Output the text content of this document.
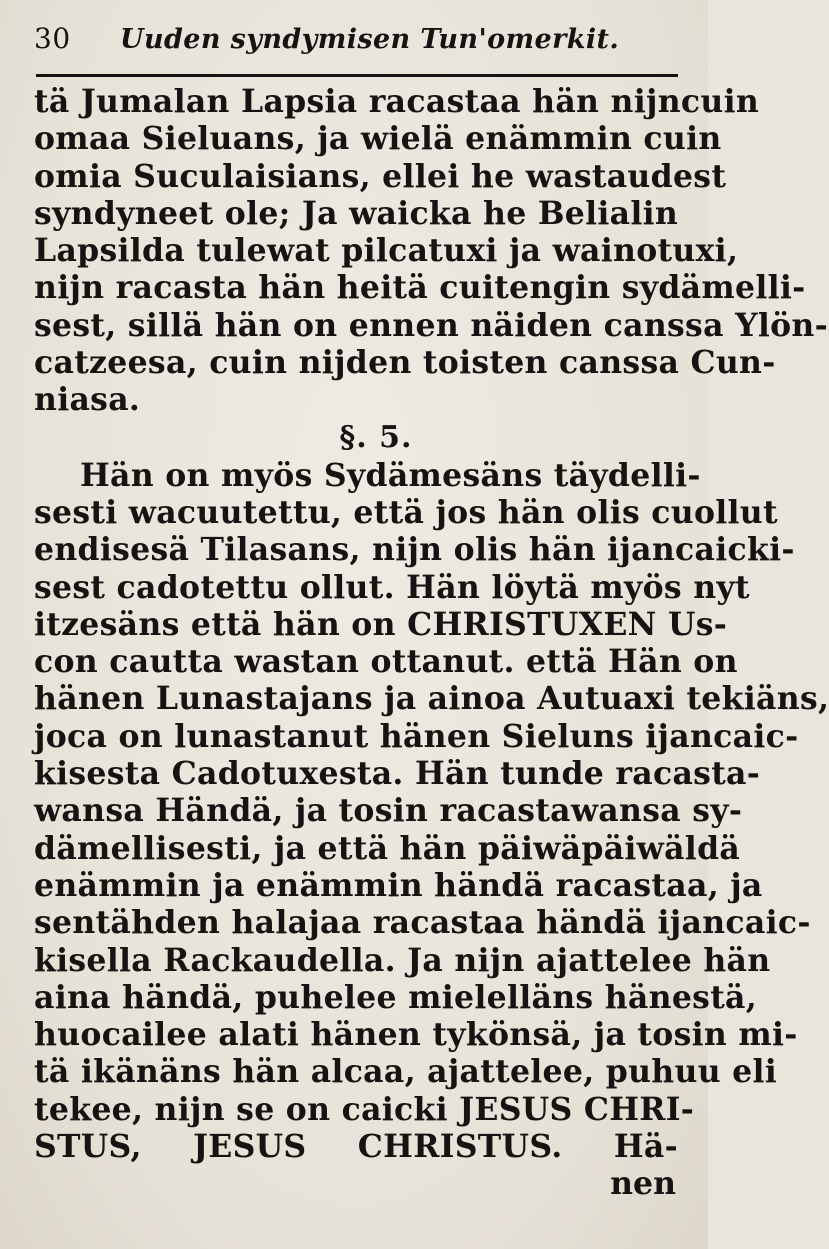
30	Uuden syndymisen Tun'omerkit.
tä Jumalan Lapsia racastaa hän nijncuin
omaa Sieluans, ja wielä enämmin cuin
omia Suculaisians, ellei he wastaudest
syndyneet ole; Ja waicka he Belialin
Lapsilda tulewat pilcatuxi ja wainotuxi,
nijn racasta hän heitä cuitengin sydämelli-
sest, sillä hän on ennen näiden canssa Ylön-
catzeesa, cuin nijden toisten canssa Cun-
niasa.
§. 5.
Hän on myös Sydämesäns täydelli-
sesti wacuutettu, että jos hän olis cuollut
endisesä Tilasans, nijn olis hän ijancaicki-
sest cadotettu ollut. Hän löytä myös nyt
itzesäns että hän on CHRISTUXEN Us-
con cautta wastan ottanut. että Hän on
hänen Lunastajans ja ainoa Autuaxi tekiäns,
joca on lunastanut hänen Sieluns ijancaic-
kisesta Cadotuxesta. Hän tunde racasta-
wansa Händä, ja tosin racastawansa sy-
dämellisesti, ja että hän päiwäpäiwäldä
enämmin ja enämmin händä racastaa, ja
sentähden halajaa racastaa händä ijancaic-
kisella Rackaudella. Ja nijn ajattelee hän
aina händä, puhelee mielelläns hänestä,
huocailee alati hänen tykönsä, ja tosin mi-
tä ikänäns hän alcaa, ajattelee, puhuu eli
tekee, nijn se on caicki JESUS CHRI-
STUS, JESUS CHRISTUS. Hä-
nen
